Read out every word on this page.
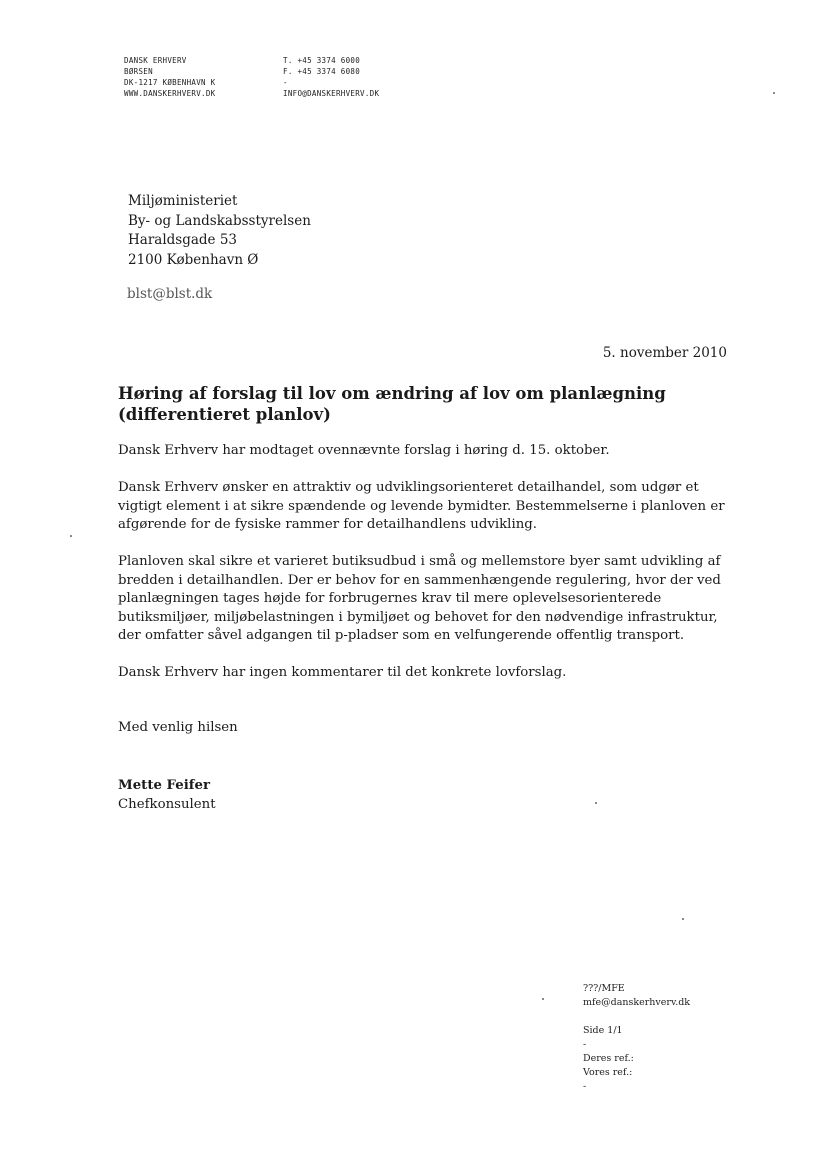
DANSK ERHVERV
BØRSEN
DK-1217 KØBENHAVN K
WWW.DANSKERHVERV.DK
T. +45 3374 6000
F. +45 3374 6080
-
INFO@DANSKERHVERV.DK
Miljøministeriet
By- og Landskabsstyrelsen
Haraldsgade 53
2100 København Ø
blst@blst.dk
5. november 2010
Høring af forslag til lov om ændring af lov om planlægning (differentieret planlov)
Dansk Erhverv har modtaget ovennævnte forslag i høring d. 15. oktober.
Dansk Erhverv ønsker en attraktiv og udviklingsorienteret detailhandel, som udgør et vigtigt element i at sikre spændende og levende bymidter. Bestemmelserne i planloven er afgørende for de fysiske rammer for detailhandlens udvikling.
Planloven skal sikre et varieret butiksudbud i små og mellemstore byer samt udvikling af bredden i detailhandlen. Der er behov for en sammenhængende regulering, hvor der ved planlægningen tages højde for forbrugernes krav til mere oplevelsesorienterede butiksmiljøer, miljøbelastningen i bymiljøet og behovet for den nødvendige infrastruktur, der omfatter såvel adgangen til p-pladser som en velfungerende offentlig transport.
Dansk Erhverv har ingen kommentarer til det konkrete lovforslag.
Med venlig hilsen
Mette Feifer
Chefkonsulent
???/MFE
mfe@danskerhverv.dk
Side 1/1
-
Deres ref.:
Vores ref.:
-
